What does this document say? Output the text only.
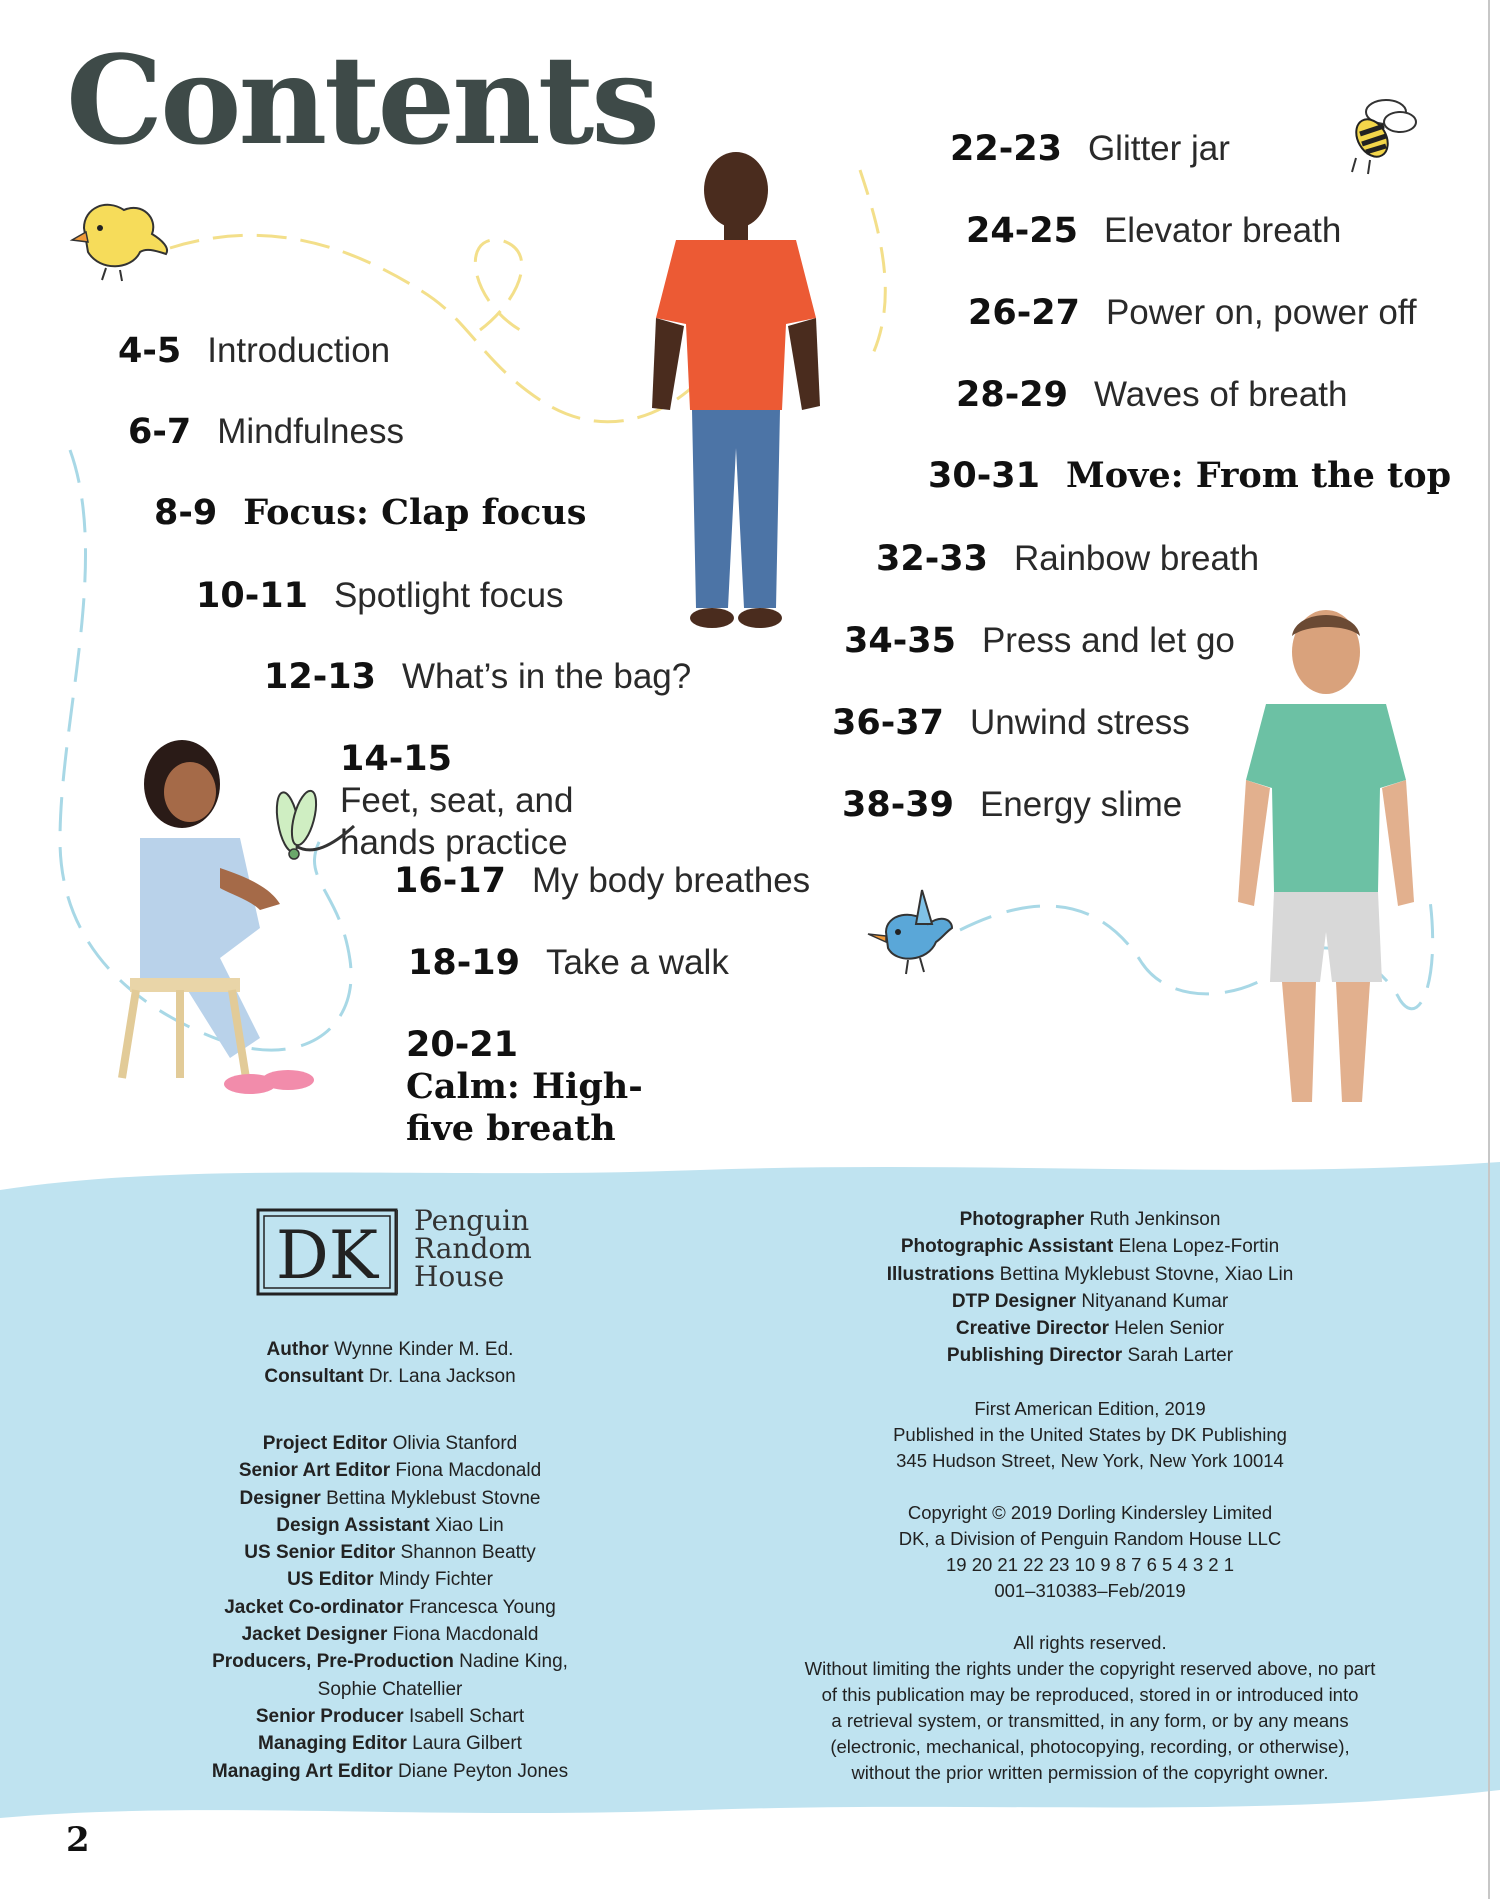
Contents
4-5 Introduction
6-7 Mindfulness
8-9 Focus: Clap focus
10-11 Spotlight focus
12-13 What’s in the bag?
14-15Feet, seat, and hands practice
16-17 My body breathes
18-19 Take a walk
20-21Calm: High-five breath
22-23 Glitter jar
24-25 Elevator breath
26-27 Power on, power off
28-29 Waves of breath
30-31 Move: From the top
32-33 Rainbow breath
34-35 Press and let go
36-37 Unwind stress
38-39 Energy slime
DK Penguin
Random
House
Author Wynne Kinder M. Ed.
Consultant Dr. Lana Jackson
Project Editor Olivia Stanford
Senior Art Editor Fiona Macdonald
Designer Bettina Myklebust Stovne
Design Assistant Xiao Lin
US Senior Editor Shannon Beatty
US Editor Mindy Fichter
Jacket Co-ordinator Francesca Young
Jacket Designer Fiona Macdonald
Producers, Pre-Production Nadine King,
Sophie Chatellier
Senior Producer Isabell Schart
Managing Editor Laura Gilbert
Managing Art Editor Diane Peyton Jones
Photographer Ruth Jenkinson
Photographic Assistant Elena Lopez-Fortin
Illustrations Bettina Myklebust Stovne, Xiao Lin
DTP Designer Nityanand Kumar
Creative Director Helen Senior
Publishing Director Sarah Larter
First American Edition, 2019
Published in the United States by DK Publishing
345 Hudson Street, New York, New York 10014
Copyright © 2019 Dorling Kindersley Limited
DK, a Division of Penguin Random House LLC
19 20 21 22 23 10 9 8 7 6 5 4 3 2 1
001–310383–Feb/2019
All rights reserved.
Without limiting the rights under the copyright reserved above, no part
of this publication may be reproduced, stored in or introduced into
a retrieval system, or transmitted, in any form, or by any means
(electronic, mechanical, photocopying, recording, or otherwise),
without the prior written permission of the copyright owner.
2
